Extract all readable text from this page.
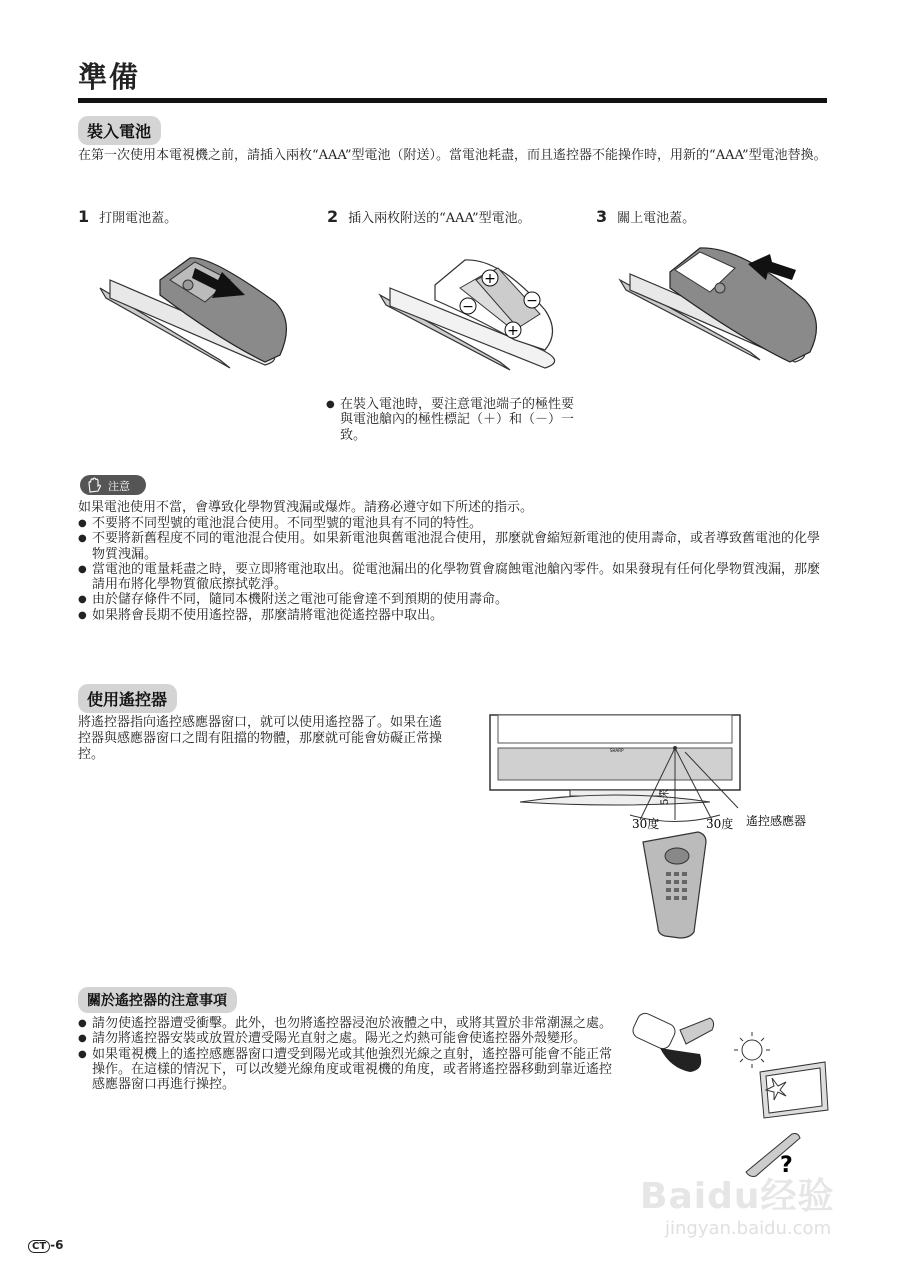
準備
裝入電池
在第一次使用本電視機之前，請插入兩枚“AAA”型電池（附送）。當電池耗盡，而且遙控器不能操作時，用新的“AAA”型電池替換。
1 打開電池蓋。	2 插入兩枚附送的“AAA”型電池。	3 關上電池蓋。
+
−	−
+
● 在裝入電池時，要注意電池端子的極性要與電池艙內的極性標記（＋）和（－）一致。
注意
如果電池使用不當，會導致化學物質洩漏或爆炸。請務必遵守如下所述的指示。
● 不要將不同型號的電池混合使用。不同型號的電池具有不同的特性。
● 不要將新舊程度不同的電池混合使用。如果新電池與舊電池混合使用，那麼就會縮短新電池的使用壽命，或者導致舊電池的化學物質洩漏。
● 當電池的電量耗盡之時，要立即將電池取出。從電池漏出的化學物質會腐蝕電池艙內零件。如果發現有任何化學物質洩漏，那麼請用布將化學物質徹底擦拭乾淨。
● 由於儲存條件不同，隨同本機附送之電池可能會達不到預期的使用壽命。
● 如果將會長期不使用遙控器，那麼請將電池從遙控器中取出。
使用遙控器
將遙控器指向遙控感應器窗口，就可以使用遙控器了。如果在遙控器與感應器窗口之間有阻擋的物體，那麼就可能會妨礙正常操控。	SHARP
5米
30度	30度 遙控感應器
關於遙控器的注意事項
● 請勿使遙控器遭受衝擊。此外，也勿將遙控器浸泡於液體之中，或將其置於非常潮濕之處。
● 請勿將遙控器安裝或放置於遭受陽光直射之處。陽光之灼熱可能會使遙控器外殼變形。
● 如果電視機上的遙控感應器窗口遭受到陽光或其他強烈光線之直射，遙控器可能會不能正常操作。在這樣的情況下，可以改變光線角度或電視機的角度，或者將遙控器移動到靠近遙控感應器窗口再進行操控。
?
Baidu经验
jingyan.baidu.com
CT -6
